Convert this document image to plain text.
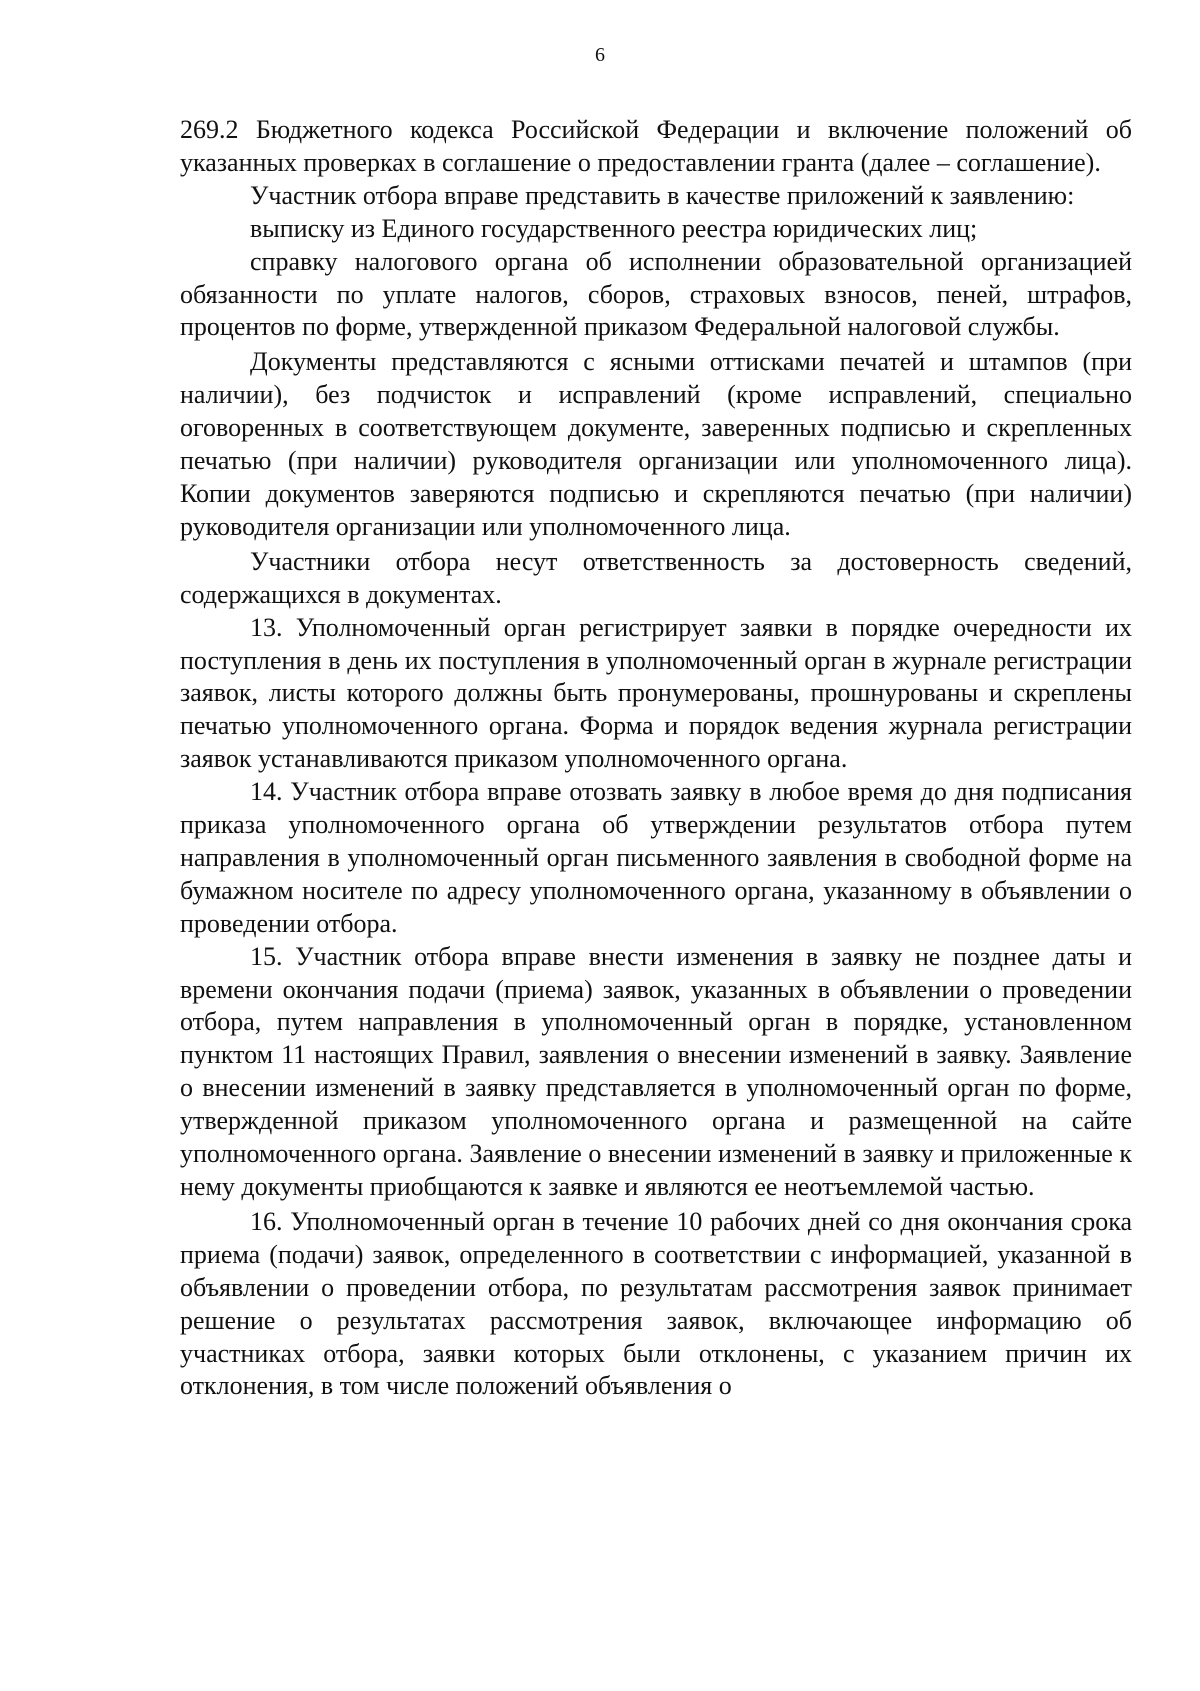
6

269.2 Бюджетного кодекса Российской Федерации и включение положений об указанных проверках в соглашение о предоставлении гранта (далее – соглашение).

Участник отбора вправе представить в качестве приложений к заявлению:

выписку из Единого государственного реестра юридических лиц;

справку налогового органа об исполнении образовательной организацией обязанности по уплате налогов, сборов, страховых взносов, пеней, штрафов, процентов по форме, утвержденной приказом Федеральной налоговой службы.

Документы представляются с ясными оттисками печатей и штампов (при наличии), без подчисток и исправлений (кроме исправлений, специально оговоренных в соответствующем документе, заверенных подписью и скрепленных печатью (при наличии) руководителя организации или уполномоченного лица). Копии документов заверяются подписью и скрепляются печатью (при наличии) руководителя организации или уполномоченного лица.

Участники отбора несут ответственность за достоверность сведений, содержащихся в документах.

13. Уполномоченный орган регистрирует заявки в порядке очередности их поступления в день их поступления в уполномоченный орган в журнале регистрации заявок, листы которого должны быть пронумерованы, прошнурованы и скреплены печатью уполномоченного органа. Форма и порядок ведения журнала регистрации заявок устанавливаются приказом уполномоченного органа.

14. Участник отбора вправе отозвать заявку в любое время до дня подписания приказа уполномоченного органа об утверждении результатов отбора путем направления в уполномоченный орган письменного заявления в свободной форме на бумажном носителе по адресу уполномоченного органа, указанному в объявлении о проведении отбора.

15. Участник отбора вправе внести изменения в заявку не позднее даты и времени окончания подачи (приема) заявок, указанных в объявлении о проведении отбора, путем направления в уполномоченный орган в порядке, установленном пунктом 11 настоящих Правил, заявления о внесении изменений в заявку. Заявление о внесении изменений в заявку представляется в уполномоченный орган по форме, утвержденной приказом уполномоченного органа и размещенной на сайте уполномоченного органа. Заявление о внесении изменений в заявку и приложенные к нему документы приобщаются к заявке и являются ее неотъемлемой частью.

16. Уполномоченный орган в течение 10 рабочих дней со дня окончания срока приема (подачи) заявок, определенного в соответствии с информацией, указанной в объявлении о проведении отбора, по результатам рассмотрения заявок принимает решение о результатах рассмотрения заявок, включающее информацию об участниках отбора, заявки которых были отклонены, с указанием причин их отклонения, в том числе положений объявления о
